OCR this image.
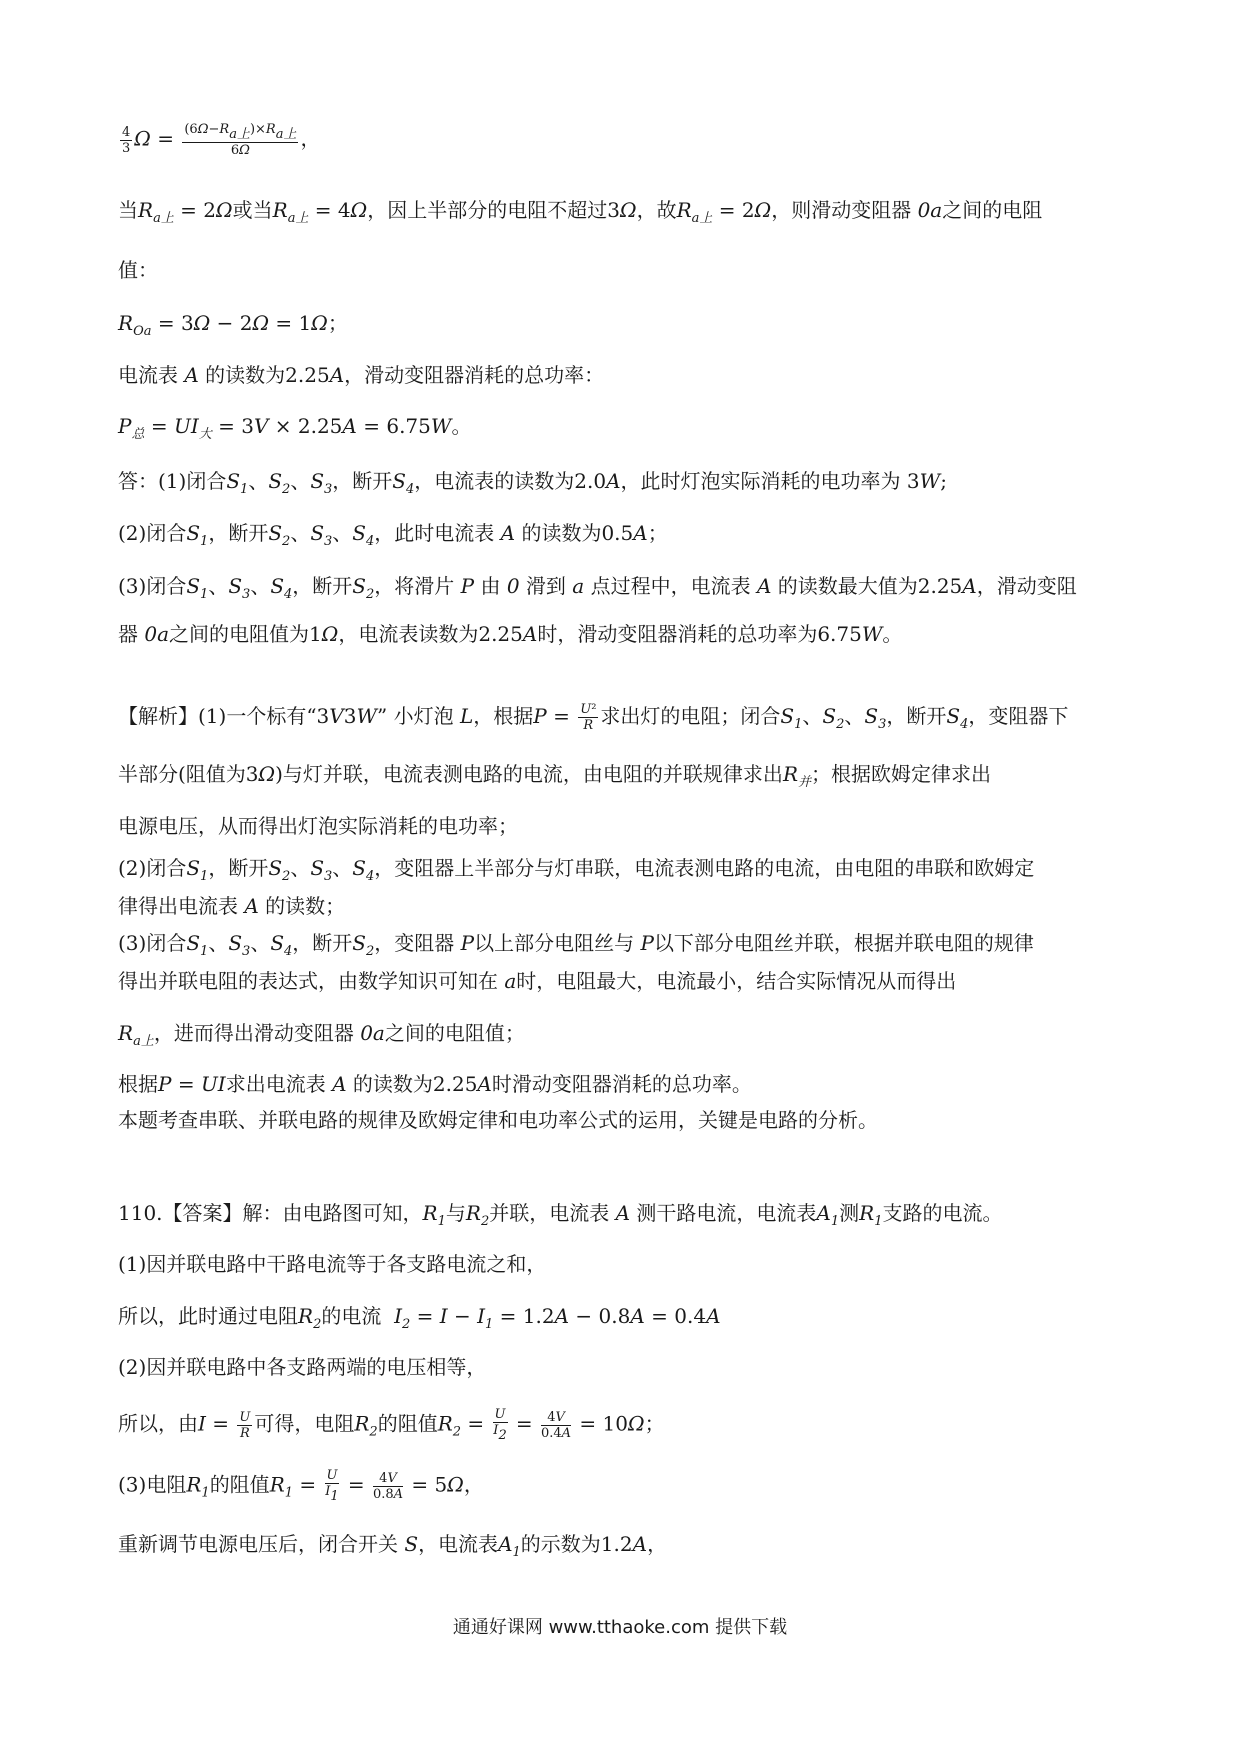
$\frac{4}{3}$ $\Omega = \frac{(6\Omega-R_{a上})\times R_{a上}}{6\Omega}$ ，
当$R_{a上} = 2\Omega$或当$R_{a上} = 4\Omega$，因上半部分的电阻不超过3Ω，故$R_{a上} = 2\Omega$，则滑动变阻器 0a之间的电阻
值：
$R_{Oa} = 3\Omega - 2\Omega = 1\Omega$；
电流表 A 的读数为2.25A，滑动变阻器消耗的总功率：
$P_总 = UI_大 = 3V \times 2.25A = 6.75W$。
答：(1)闭合$S_1$、$S_2$、$S_3$，断开$S_4$，电流表的读数为2.0A，此时灯泡实际消耗的电功率为 3W;
(2)闭合$S_1$，断开$S_2$、$S_3$、$S_4$，此时电流表 A 的读数为0.5A；
(3)闭合$S_1$、$S_3$、$S_4$，断开$S_2$，将滑片 P 由 0 滑到 a 点过程中，电流表 A 的读数最大值为2.25A，滑动变阻
器 0a之间的电阻值为1Ω，电流表读数为2.25A时，滑动变阻器消耗的总功率为6.75W。
【解析】(1)一个标有“3V3W” 小灯泡 L，根据$P = \frac{\text{U²}}{R}$ 求出灯的电阻；闭合$S_1$、$S_2$、$S_3$，断开$S_4$，变阻器下
半部分(阻值为3Ω)与灯并联，电流表测电路的电流，由电阻的并联规律求出$R_并$；根据欧姆定律求出
电源电压，从而得出灯泡实际消耗的电功率；
(2)闭合$S_1$，断开$S_2$、$S_3$、$S_4$，变阻器上半部分与灯串联，电流表测电路的电流，由电阻的串联和欧姆定
律得出电流表 A 的读数；
(3)闭合$S_1$、$S_3$、$S_4$，断开$S_2$，变阻器 P以上部分电阻丝与 P以下部分电阻丝并联，根据并联电阻的规律
得出并联电阻的表达式，由数学知识可知在 a时，电阻最大，电流最小，结合实际情况从而得出
$R_{a上}$，进而得出滑动变阻器 0a之间的电阻值；
根据P = UI求出电流表 A 的读数为2.25A时滑动变阻器消耗的总功率。
本题考查串联、并联电路的规律及欧姆定律和电功率公式的运用，关键是电路的分析。
110.【答案】解：由电路图可知，$R_1$与$R_2$并联，电流表 A 测干路电流，电流表$A_1$测$R_1$支路的电流。
(1)因并联电路中干路电流等于各支路电流之和，
所以，此时通过电阻$R_2$的电流  $I_2 = I - I_1 = 1.2A - 0.8A = 0.4A$
(2)因并联电路中各支路两端的电压相等，
所以，由$I = \frac{U}{R}$ 可得，电阻$R_2$的阻值$R_2 = \frac{U}{I_2} = \frac{4V}{0.4A} = 10\Omega$；
(3)电阻$R_1$的阻值$R_1 = \frac{U}{I_1} = \frac{4V}{0.8A} = 5\Omega$，
重新调节电源电压后，闭合开关 S，电流表$A_1$的示数为1.2A，
通通好课网 www.tthaoke.com 提供下载
